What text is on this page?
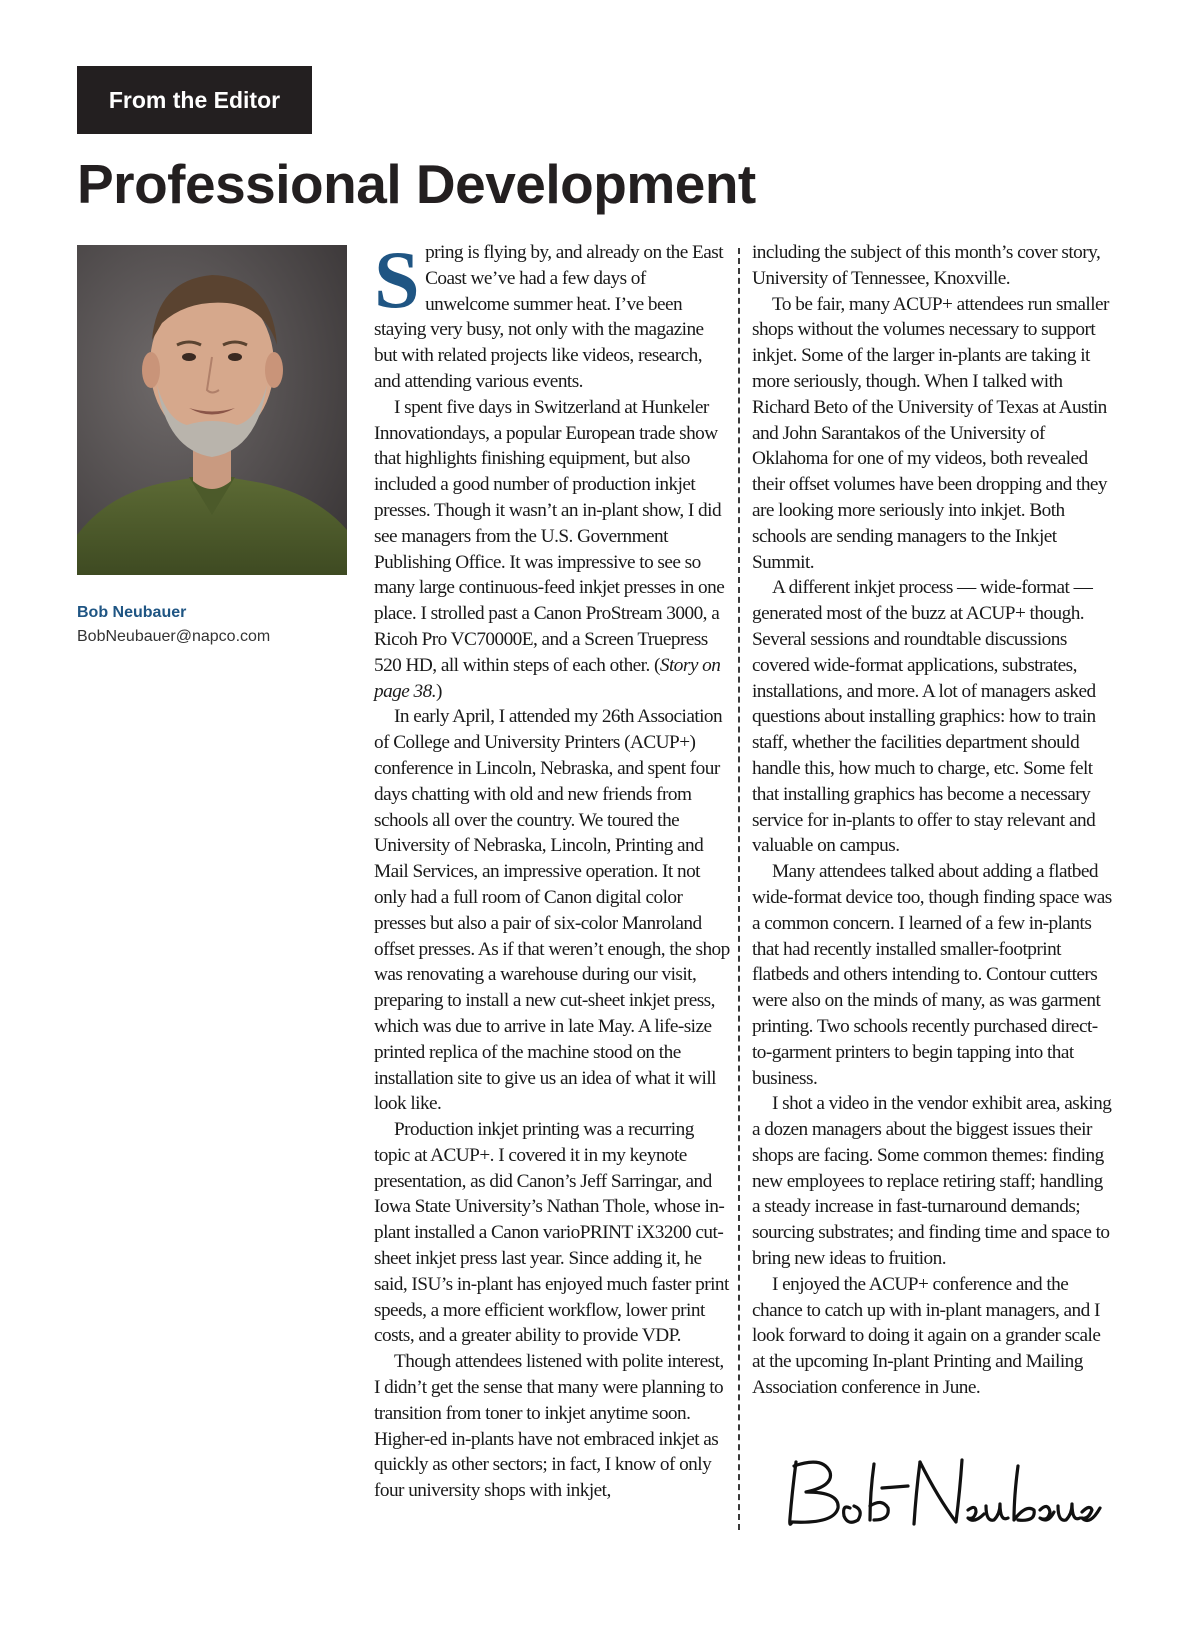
From the Editor
Professional Development
Bob Neubauer
BobNeubauer@napco.com

Spring is flying by, and already on the East Coast we’ve had a few days of unwelcome summer heat. I’ve been staying very busy, not only with the magazine but with related projects like videos, research, and attending various events.

I spent five days in Switzerland at Hunkeler Innovationdays, a popular European trade show that highlights finishing equipment, but also included a good number of production inkjet presses. Though it wasn’t an in-plant show, I did see managers from the U.S. Government Publishing Office. It was impressive to see so many large continuous-feed inkjet presses in one place. I strolled past a Canon ProStream 3000, a Ricoh Pro VC70000E, and a Screen Truepress 520 HD, all within steps of each other. (Story on page 38.)

In early April, I attended my 26th Association of College and University Printers (ACUP+) conference in Lincoln, Nebraska, and spent four days chatting with old and new friends from schools all over the country. We toured the University of Nebraska, Lincoln, Printing and Mail Services, an impressive operation. It not only had a full room of Canon digital color presses but also a pair of six-color Manroland offset presses. As if that weren’t enough, the shop was renovating a warehouse during our visit, preparing to install a new cut-sheet inkjet press, which was due to arrive in late May. A life-size printed replica of the machine stood on the installation site to give us an idea of what it will look like.

Production inkjet printing was a recurring topic at ACUP+. I covered it in my keynote presentation, as did Canon’s Jeff Sarringar, and Iowa State University’s Nathan Thole, whose in-plant installed a Canon varioPRINT iX3200 cut-sheet inkjet press last year. Since adding it, he said, ISU’s in-plant has enjoyed much faster print speeds, a more efficient workflow, lower print costs, and a greater ability to provide VDP.

Though attendees listened with polite interest, I didn’t get the sense that many were planning to transition from toner to inkjet anytime soon. Higher-ed in-plants have not embraced inkjet as quickly as other sectors; in fact, I know of only four university shops with inkjet,

including the subject of this month’s cover story, University of Tennessee, Knoxville.

To be fair, many ACUP+ attendees run smaller shops without the volumes necessary to support inkjet. Some of the larger in-plants are taking it more seriously, though. When I talked with Richard Beto of the University of Texas at Austin and John Sarantakos of the University of Oklahoma for one of my videos, both revealed their offset volumes have been dropping and they are looking more seriously into inkjet. Both schools are sending managers to the Inkjet Summit.

A different inkjet process — wide-format — generated most of the buzz at ACUP+ though. Several sessions and roundtable discussions covered wide-format applications, substrates, installations, and more. A lot of managers asked questions about installing graphics: how to train staff, whether the facilities department should handle this, how much to charge, etc. Some felt that installing graphics has become a necessary service for in-plants to offer to stay relevant and valuable on campus.

Many attendees talked about adding a flatbed wide-format device too, though finding space was a common concern. I learned of a few in-plants that had recently installed smaller-footprint flatbeds and others intending to. Contour cutters were also on the minds of many, as was garment printing. Two schools recently purchased direct-to-garment printers to begin tapping into that business.

I shot a video in the vendor exhibit area, asking a dozen managers about the biggest issues their shops are facing. Some common themes: finding new employees to replace retiring staff; handling a steady increase in fast-turnaround demands; sourcing substrates; and finding time and space to bring new ideas to fruition.

I enjoyed the ACUP+ conference and the chance to catch up with in-plant managers, and I look forward to doing it again on a grander scale at the upcoming In-plant Printing and Mailing Association conference in June.
